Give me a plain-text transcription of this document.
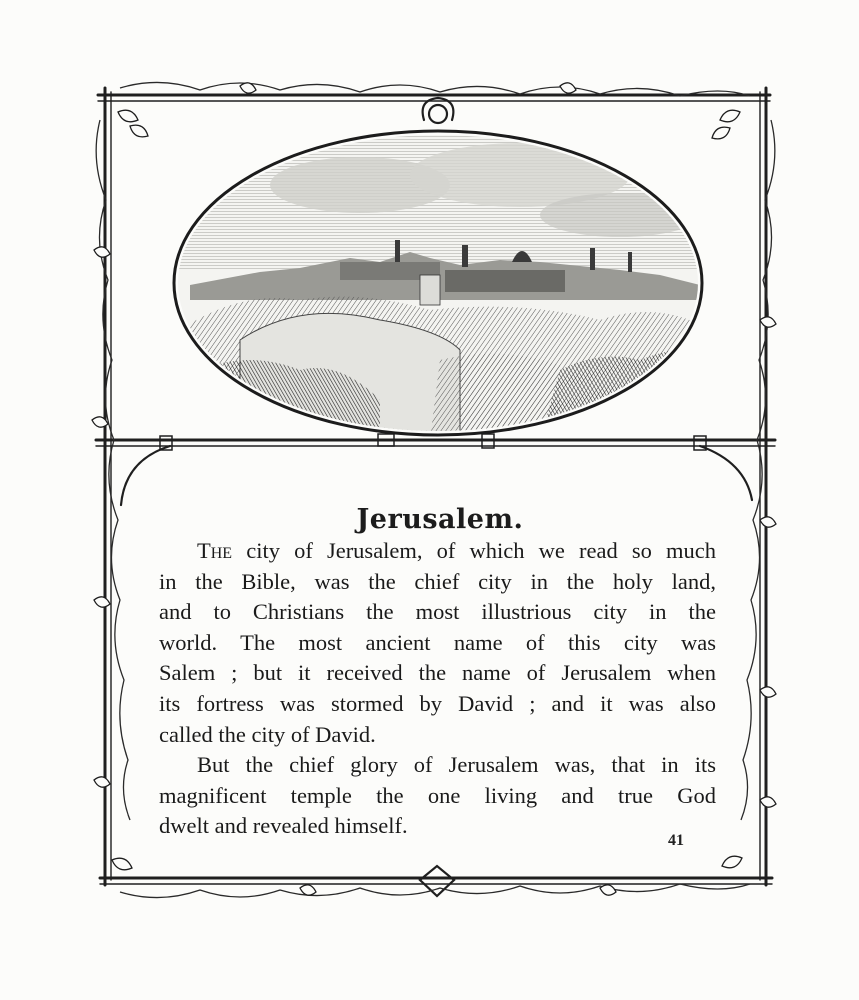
Jerusalem.
The city of Jerusalem, of which we read so much
in the Bible, was the chief city in the holy land,
and to Christians the most illustrious city in the
world. The most ancient name of this city was
Salem ; but it received the name of Jerusalem when
its fortress was stormed by David ; and it was also
called the city of David.
But the chief glory of Jerusalem was, that in its
magnificent temple the one living and true God
dwelt and revealed himself.
41
